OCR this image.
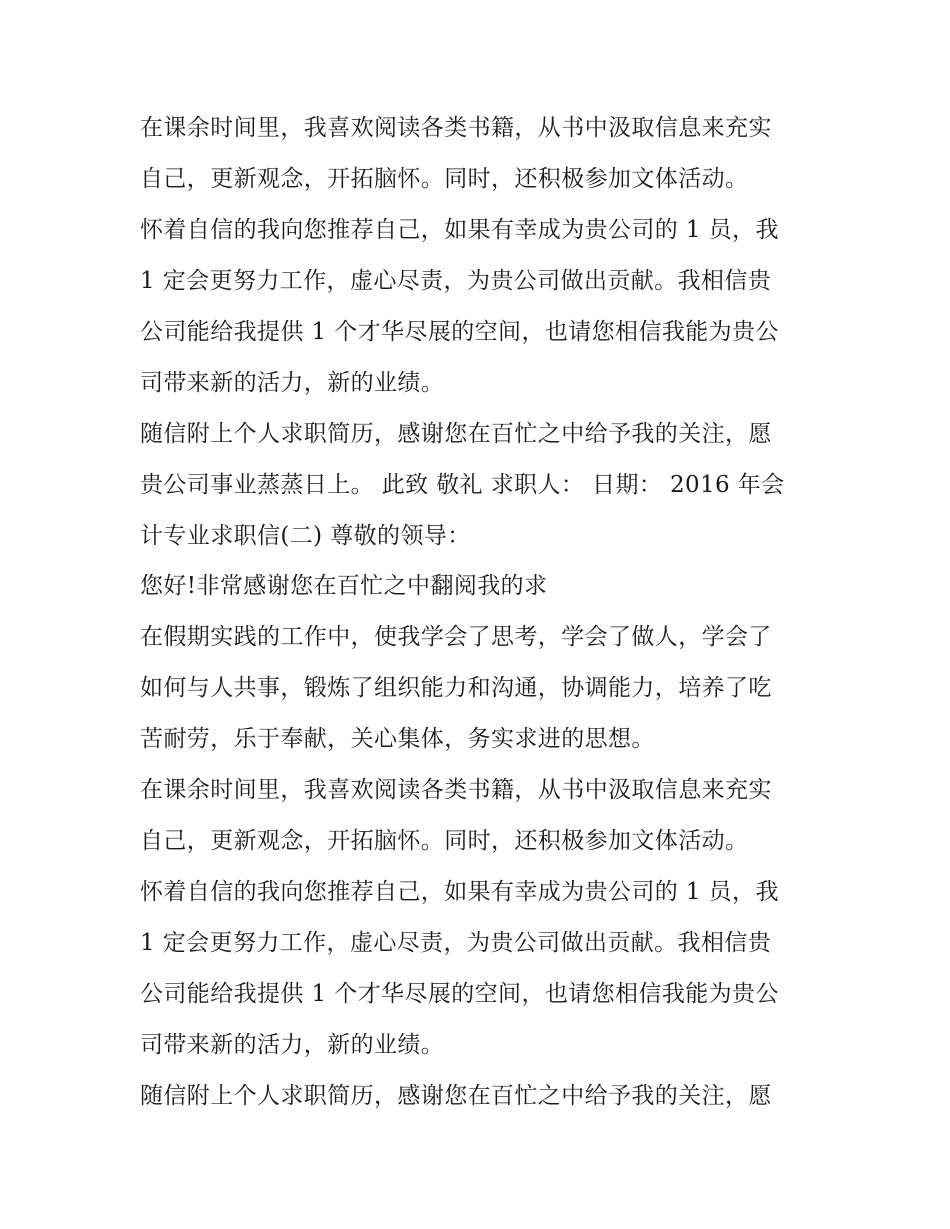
在课余时间里，我喜欢阅读各类书籍，从书中汲取信息来充实
自己，更新观念，开拓脑怀。同时，还积极参加文体活动。
怀着自信的我向您推荐自己，如果有幸成为贵公司的 1 员，我
1 定会更努力工作，虚心尽责，为贵公司做出贡献。我相信贵
公司能给我提供 1 个才华尽展的空间，也请您相信我能为贵公
司带来新的活力，新的业绩。
随信附上个人求职简历，感谢您在百忙之中给予我的关注，愿
贵公司事业蒸蒸日上。 此致 敬礼 求职人： 日期： 2016 年会
计专业求职信(二) 尊敬的领导：
您好!非常感谢您在百忙之中翻阅我的求
在假期实践的工作中，使我学会了思考，学会了做人，学会了
如何与人共事，锻炼了组织能力和沟通，协调能力，培养了吃
苦耐劳，乐于奉献，关心集体，务实求进的思想。
在课余时间里，我喜欢阅读各类书籍，从书中汲取信息来充实
自己，更新观念，开拓脑怀。同时，还积极参加文体活动。
怀着自信的我向您推荐自己，如果有幸成为贵公司的 1 员，我
1 定会更努力工作，虚心尽责，为贵公司做出贡献。我相信贵
公司能给我提供 1 个才华尽展的空间，也请您相信我能为贵公
司带来新的活力，新的业绩。
随信附上个人求职简历，感谢您在百忙之中给予我的关注，愿
